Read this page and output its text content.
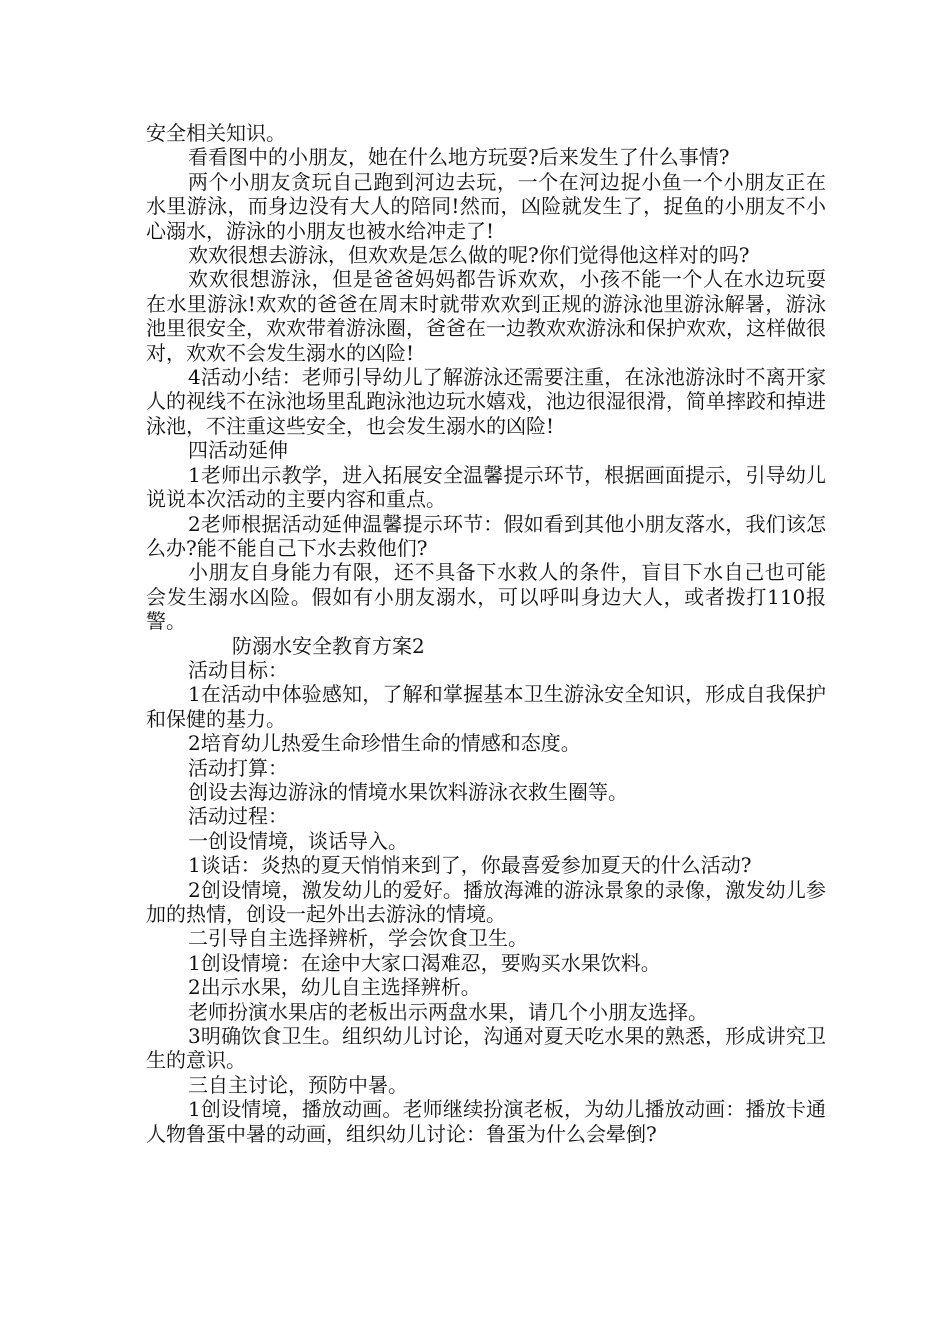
安全相关知识。

看看图中的小朋友，她在什么地方玩耍?后来发生了什么事情?

两个小朋友贪玩自己跑到河边去玩，一个在河边捉小鱼一个小朋友正在水里游泳，而身边没有大人的陪同!然而，凶险就发生了，捉鱼的小朋友不小心溺水，游泳的小朋友也被水给冲走了!

欢欢很想去游泳，但欢欢是怎么做的呢?你们觉得他这样对的吗?

欢欢很想游泳，但是爸爸妈妈都告诉欢欢，小孩不能一个人在水边玩耍在水里游泳!欢欢的爸爸在周末时就带欢欢到正规的游泳池里游泳解暑，游泳池里很安全，欢欢带着游泳圈，爸爸在一边教欢欢游泳和保护欢欢，这样做很对，欢欢不会发生溺水的凶险!

4活动小结：老师引导幼儿了解游泳还需要注重，在泳池游泳时不离开家人的视线不在泳池场里乱跑泳池边玩水嬉戏，池边很湿很滑，简单摔跤和掉进泳池，不注重这些安全，也会发生溺水的凶险!

四活动延伸

1老师出示教学，进入拓展安全温馨提示环节，根据画面提示，引导幼儿说说本次活动的主要内容和重点。

2老师根据活动延伸温馨提示环节：假如看到其他小朋友落水，我们该怎么办?能不能自己下水去救他们?

小朋友自身能力有限，还不具备下水救人的条件，盲目下水自己也可能会发生溺水凶险。假如有小朋友溺水，可以呼叫身边大人，或者拨打110报警。

防溺水安全教育方案2

活动目标：

1在活动中体验感知，了解和掌握基本卫生游泳安全知识，形成自我保护和保健的基力。

2培育幼儿热爱生命珍惜生命的情感和态度。

活动打算：

创设去海边游泳的情境水果饮料游泳衣救生圈等。

活动过程：

一创设情境，谈话导入。

1谈话：炎热的夏天悄悄来到了，你最喜爱参加夏天的什么活动?

2创设情境，激发幼儿的爱好。播放海滩的游泳景象的录像，激发幼儿参加的热情，创设一起外出去游泳的情境。

二引导自主选择辨析，学会饮食卫生。

1创设情境：在途中大家口渴难忍，要购买水果饮料。

2出示水果，幼儿自主选择辨析。

老师扮演水果店的老板出示两盘水果，请几个小朋友选择。

3明确饮食卫生。组织幼儿讨论，沟通对夏天吃水果的熟悉，形成讲究卫生的意识。

三自主讨论，预防中暑。

1创设情境，播放动画。老师继续扮演老板，为幼儿播放动画：播放卡通人物鲁蛋中暑的动画，组织幼儿讨论：鲁蛋为什么会晕倒?
